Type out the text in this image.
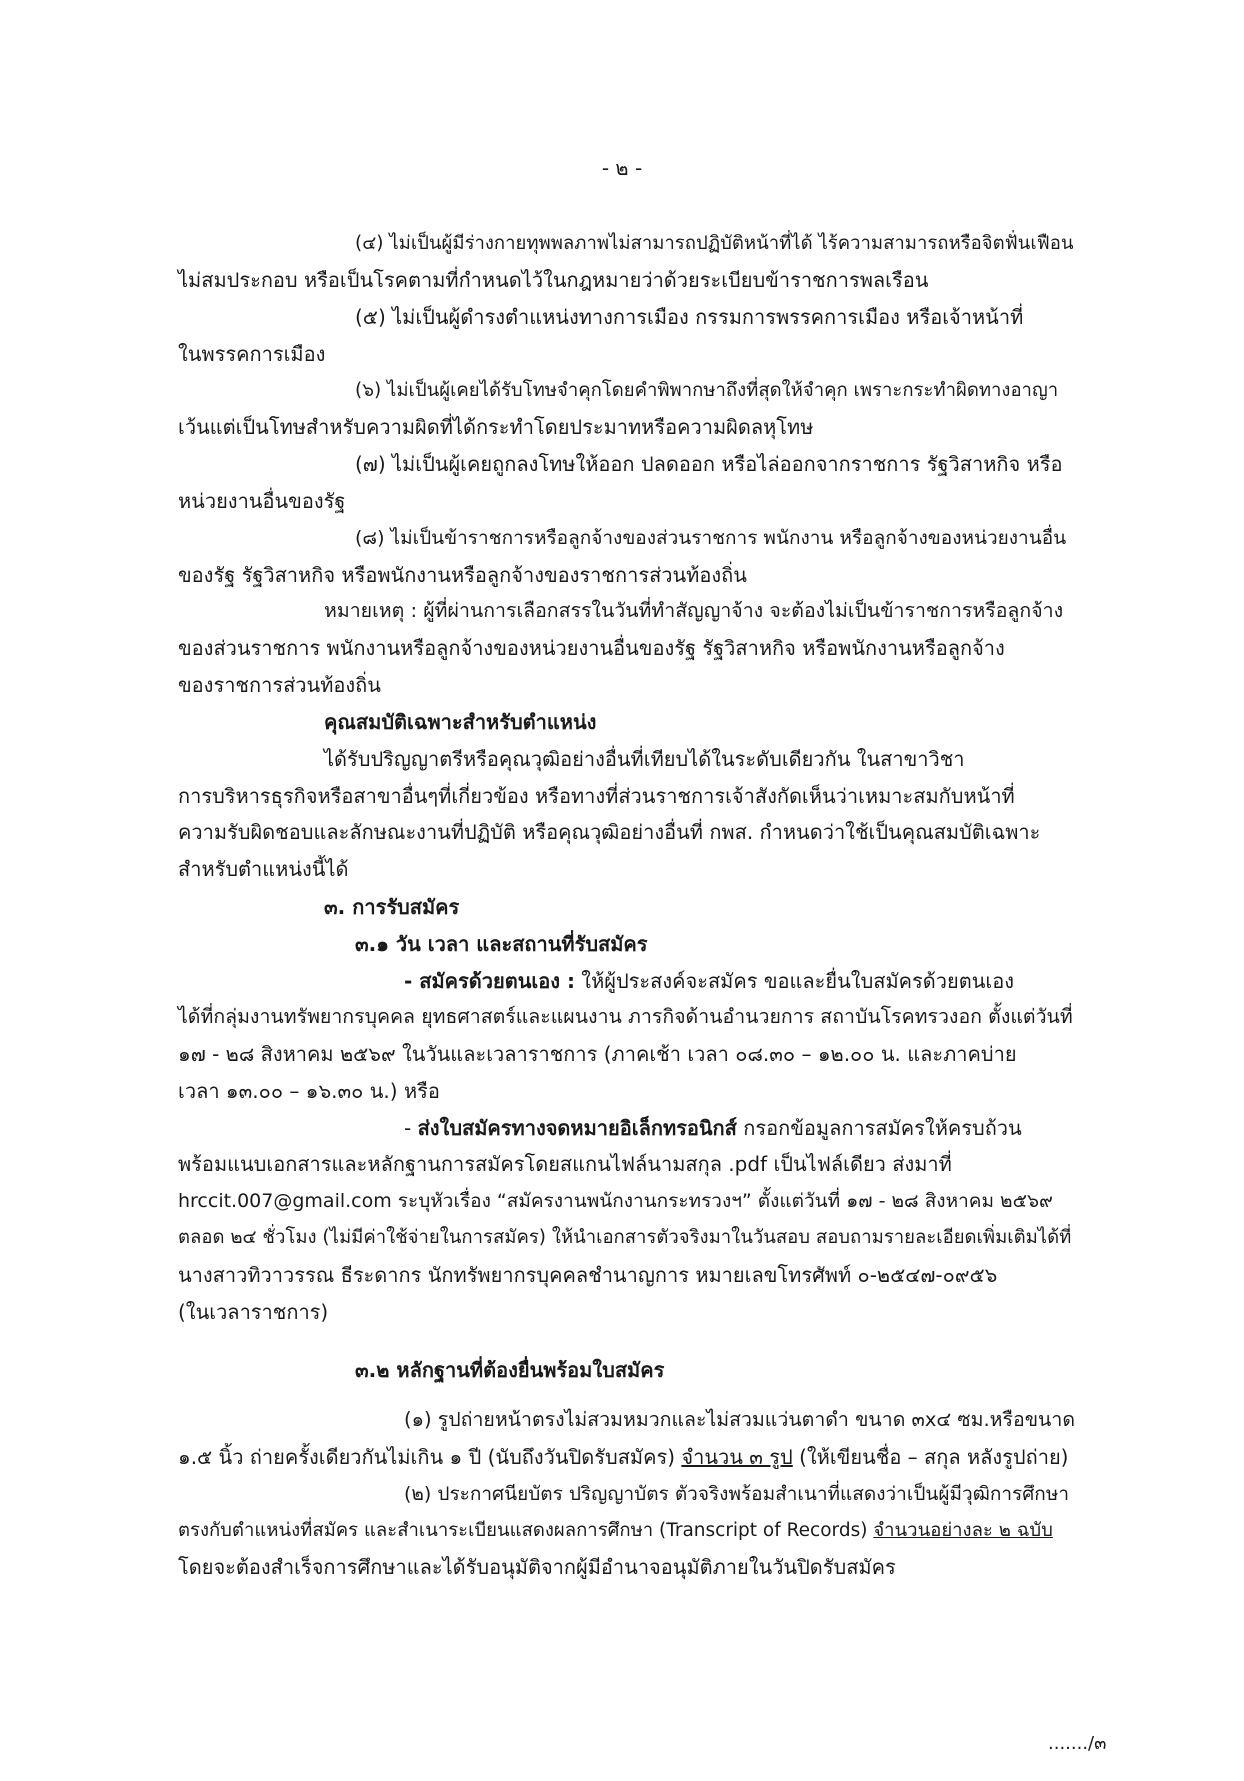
- ๒ -
(๔) ไม่เป็นผู้มีร่างกายทุพพลภาพไม่สามารถปฏิบัติหน้าที่ได้ ไร้ความสามารถหรือจิตฟั่นเฟือน
ไม่สมประกอบ หรือเป็นโรคตามที่กำหนดไว้ในกฎหมายว่าด้วยระเบียบข้าราชการพลเรือน
(๕) ไม่เป็นผู้ดำรงตำแหน่งทางการเมือง กรรมการพรรคการเมือง หรือเจ้าหน้าที่
ในพรรคการเมือง
(๖) ไม่เป็นผู้เคยได้รับโทษจำคุกโดยคำพิพากษาถึงที่สุดให้จำคุก เพราะกระทำผิดทางอาญา
เว้นแต่เป็นโทษสำหรับความผิดที่ได้กระทำโดยประมาทหรือความผิดลหุโทษ
(๗) ไม่เป็นผู้เคยถูกลงโทษให้ออก ปลดออก หรือไล่ออกจากราชการ รัฐวิสาหกิจ หรือ
หน่วยงานอื่นของรัฐ
(๘) ไม่เป็นข้าราชการหรือลูกจ้างของส่วนราชการ พนักงาน หรือลูกจ้างของหน่วยงานอื่น
ของรัฐ รัฐวิสาหกิจ หรือพนักงานหรือลูกจ้างของราชการส่วนท้องถิ่น
หมายเหตุ : ผู้ที่ผ่านการเลือกสรรในวันที่ทำสัญญาจ้าง จะต้องไม่เป็นข้าราชการหรือลูกจ้าง
ของส่วนราชการ พนักงานหรือลูกจ้างของหน่วยงานอื่นของรัฐ รัฐวิสาหกิจ หรือพนักงานหรือลูกจ้าง
ของราชการส่วนท้องถิ่น
คุณสมบัติเฉพาะสำหรับตำแหน่ง
ได้รับปริญญาตรีหรือคุณวุฒิอย่างอื่นที่เทียบได้ในระดับเดียวกัน ในสาขาวิชา
การบริหารธุรกิจหรือสาขาอื่นๆที่เกี่ยวข้อง หรือทางที่ส่วนราชการเจ้าสังกัดเห็นว่าเหมาะสมกับหน้าที่
ความรับผิดชอบและลักษณะงานที่ปฏิบัติ หรือคุณวุฒิอย่างอื่นที่ กพส. กำหนดว่าใช้เป็นคุณสมบัติเฉพาะ
สำหรับตำแหน่งนี้ได้
๓. การรับสมัคร
๓.๑ วัน เวลา และสถานที่รับสมัคร
- สมัครด้วยตนเอง : ให้ผู้ประสงค์จะสมัคร ขอและยื่นใบสมัครด้วยตนเอง
ได้ที่กลุ่มงานทรัพยากรบุคคล ยุทธศาสตร์และแผนงาน ภารกิจด้านอำนวยการ สถาบันโรคทรวงอก ตั้งแต่วันที่
๑๗ - ๒๘ สิงหาคม ๒๕๖๙ ในวันและเวลาราชการ (ภาคเช้า เวลา ๐๘.๓๐ – ๑๒.๐๐ น. และภาคบ่าย
เวลา ๑๓.๐๐ – ๑๖.๓๐ น.) หรือ
- ส่งใบสมัครทางจดหมายอิเล็กทรอนิกส์ กรอกข้อมูลการสมัครให้ครบถ้วน
พร้อมแนบเอกสารและหลักฐานการสมัครโดยสแกนไฟล์นามสกุล .pdf เป็นไฟล์เดียว ส่งมาที่
hrccit.007@gmail.com ระบุหัวเรื่อง “สมัครงานพนักงานกระทรวงฯ” ตั้งแต่วันที่ ๑๗ - ๒๘ สิงหาคม ๒๕๖๙
ตลอด ๒๔ ชั่วโมง (ไม่มีค่าใช้จ่ายในการสมัคร) ให้นำเอกสารตัวจริงมาในวันสอบ สอบถามรายละเอียดเพิ่มเติมได้ที่
นางสาวทิวาวรรณ ธีระดากร นักทรัพยากรบุคคลชำนาญการ หมายเลขโทรศัพท์ ๐-๒๕๔๗-๐๙๕๖
(ในเวลาราชการ)
๓.๒ หลักฐานที่ต้องยื่นพร้อมใบสมัคร
(๑) รูปถ่ายหน้าตรงไม่สวมหมวกและไม่สวมแว่นตาดำ ขนาด ๓x๔ ซม.หรือขนาด
๑.๕ นิ้ว ถ่ายครั้งเดียวกันไม่เกิน ๑ ปี (นับถึงวันปิดรับสมัคร) จำนวน ๓ รูป (ให้เขียนชื่อ – สกุล หลังรูปถ่าย)
(๒) ประกาศนียบัตร ปริญญาบัตร ตัวจริงพร้อมสำเนาที่แสดงว่าเป็นผู้มีวุฒิการศึกษา
ตรงกับตำแหน่งที่สมัคร และสำเนาระเบียนแสดงผลการศึกษา (Transcript of Records) จำนวนอย่างละ ๒ ฉบับ
โดยจะต้องสำเร็จการศึกษาและได้รับอนุมัติจากผู้มีอำนาจอนุมัติภายในวันปิดรับสมัคร
......./๓
